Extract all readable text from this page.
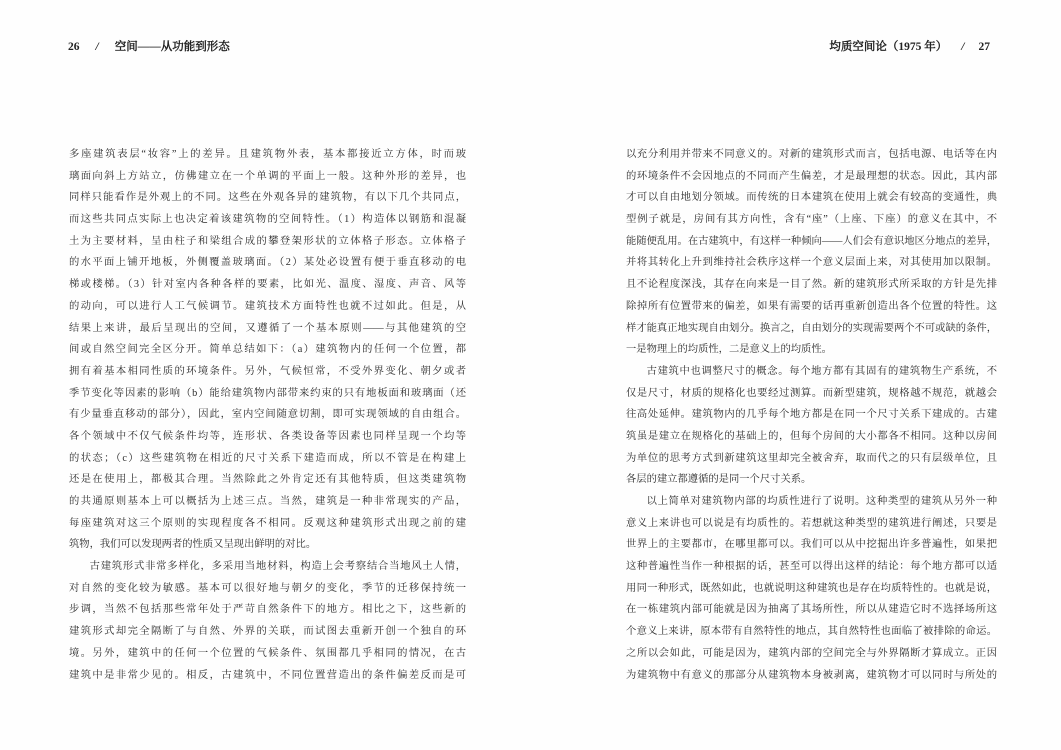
26 / 空间——从功能到形态
多座建筑表层“妆容”上的差异。且建筑物外表，基本都接近立方体，时而玻
璃面向斜上方站立，仿佛建立在一个单调的平面上一般。这种外形的差异，也
同样只能看作是外观上的不同。这些在外观各异的建筑物，有以下几个共同点，
而这些共同点实际上也决定着该建筑物的空间特性。（1）构造体以钢筋和混凝
土为主要材料，呈由柱子和梁组合成的攀登架形状的立体格子形态。立体格子
的水平面上铺开地板，外侧覆盖玻璃面。（2）某处必设置有便于垂直移动的电
梯或楼梯。（3）针对室内各种各样的要素，比如光、温度、湿度、声音、风等
的动向，可以进行人工气候调节。建筑技术方面特性也就不过如此。但是，从
结果上来讲，最后呈现出的空间，又遵循了一个基本原则——与其他建筑的空
间或自然空间完全区分开。简单总结如下：（a）建筑物内的任何一个位置，都
拥有着基本相同性质的环境条件。另外，气候恒常，不受外界变化、朝夕或者
季节变化等因素的影响（b）能给建筑物内部带来约束的只有地板面和玻璃面（还
有少量垂直移动的部分），因此，室内空间随意切割，即可实现领域的自由组合。
各个领域中不仅气候条件均等，连形状、各类设备等因素也同样呈现一个均等
的状态；（c）这些建筑物在相近的尺寸关系下建造而成，所以不管是在构建上
还是在使用上，都极其合理。当然除此之外肯定还有其他特质，但这类建筑物
的共通原则基本上可以概括为上述三点。当然，建筑是一种非常现实的产品，
每座建筑对这三个原则的实现程度各不相同。反观这种建筑形式出现之前的建
筑物，我们可以发现两者的性质又呈现出鲜明的对比。
古建筑形式非常多样化，多采用当地材料，构造上会考察结合当地风土人情，
对自然的变化较为敏感。基本可以很好地与朝夕的变化，季节的迁移保持统一
步调，当然不包括那些常年处于严苛自然条件下的地方。相比之下，这些新的
建筑形式却完全隔断了与自然、外界的关联，而试图去重新开创一个独自的环
境。另外，建筑中的任何一个位置的气候条件、氛围都几乎相同的情况，在古
建筑中是非常少见的。相反，古建筑中，不同位置营造出的条件偏差反而是可
均质空间论（1975 年） / 27
以充分利用并带来不同意义的。对新的建筑形式而言，包括电源、电话等在内
的环境条件不会因地点的不同而产生偏差，才是最理想的状态。因此，其内部
才可以自由地划分领域。而传统的日本建筑在使用上就会有较高的变通性，典
型例子就是，房间有其方向性，含有“座”（上座、下座）的意义在其中，不
能随便乱用。在古建筑中，有这样一种倾向——人们会有意识地区分地点的差异，
并将其转化上升到维持社会秩序这样一个意义层面上来，对其使用加以限制。
且不论程度深浅，其存在向来是一目了然。新的建筑形式所采取的方针是先排
除掉所有位置带来的偏差，如果有需要的话再重新创造出各个位置的特性。这
样才能真正地实现自由划分。换言之，自由划分的实现需要两个不可或缺的条件，
一是物理上的均质性，二是意义上的均质性。
古建筑中也调整尺寸的概念。每个地方都有其固有的建筑物生产系统，不
仅是尺寸，材质的规格化也要经过测算。而新型建筑，规格越不规范，就越会
往高处延伸。建筑物内的几乎每个地方都是在同一个尺寸关系下建成的。古建
筑虽是建立在规格化的基础上的，但每个房间的大小都各不相同。这种以房间
为单位的思考方式到新建筑这里却完全被舍弃，取而代之的只有层级单位，且
各层的建立都遵循的是同一个尺寸关系。
以上简单对建筑物内部的均质性进行了说明。这种类型的建筑从另外一种
意义上来讲也可以说是有均质性的。若想就这种类型的建筑进行阐述，只要是
世界上的主要都市，在哪里都可以。我们可以从中挖掘出许多普遍性，如果把
这种普遍性当作一种根据的话，甚至可以得出这样的结论：每个地方都可以适
用同一种形式，既然如此，也就说明这种建筑也是存在均质特性的。也就是说，
在一栋建筑内部可能就是因为抽离了其场所性，所以从建造它时不选择场所这
个意义上来讲，原本带有自然特性的地点，其自然特性也面临了被排除的命运。
之所以会如此，可能是因为，建筑内部的空间完全与外界隔断才算成立。正因
为建筑物中有意义的那部分从建筑物本身被剥离，建筑物才可以同时与所处的
